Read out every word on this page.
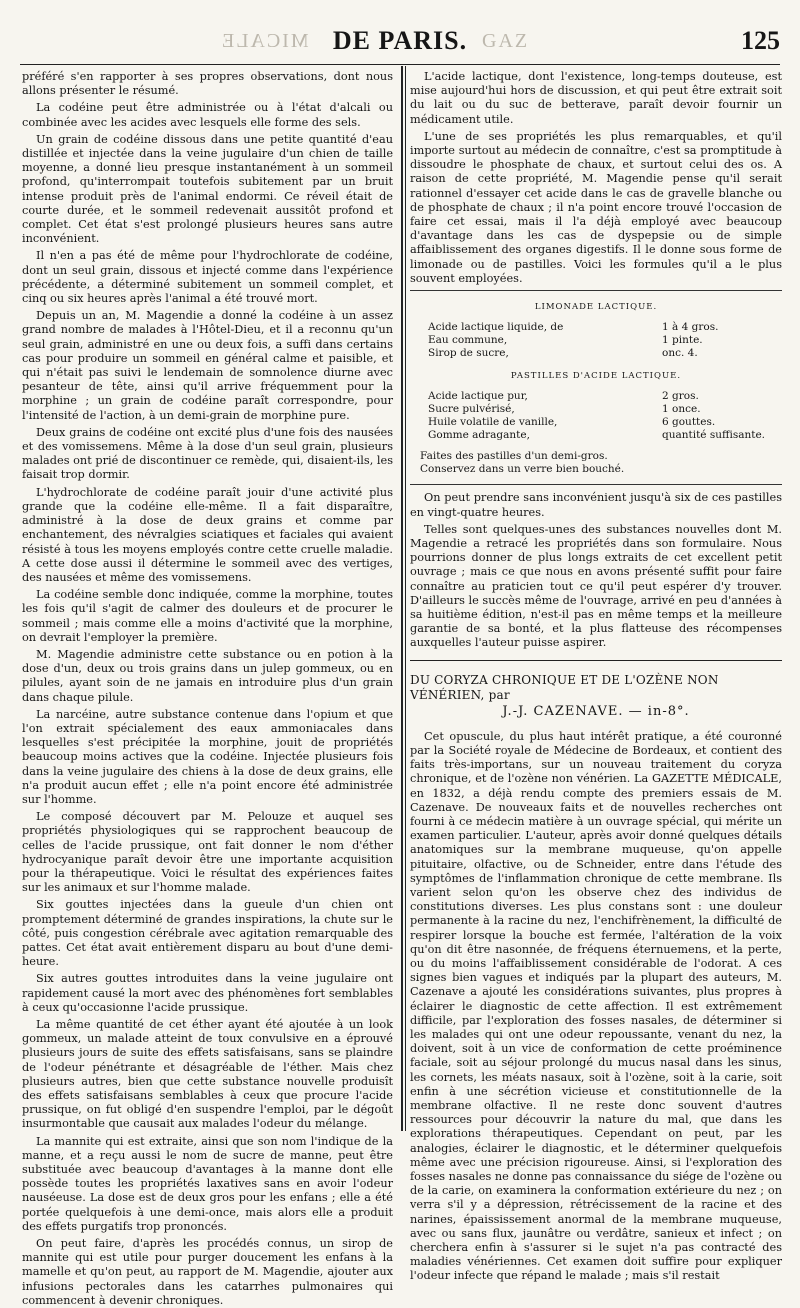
MICALE	GAZ
DE PARIS.	125

préféré s'en rapporter à ses propres observations, dont nous allons présenter le résumé.

La codéine peut être administrée ou à l'état d'alcali ou combinée avec les acides avec lesquels elle forme des sels.

Un grain de codéine dissous dans une petite quantité d'eau distillée et injectée dans la veine jugulaire d'un chien de taille moyenne, a donné lieu presque instantanément à un sommeil profond, qu'interrompait toutefois subitement par un bruit intense produit près de l'animal endormi. Ce réveil était de courte durée, et le sommeil redevenait aussitôt profond et complet. Cet état s'est prolongé plusieurs heures sans autre inconvénient.

Il n'en a pas été de même pour l'hydrochlorate de codéine, dont un seul grain, dissous et injecté comme dans l'expérience précédente, a déterminé subitement un sommeil complet, et cinq ou six heures après l'animal a été trouvé mort.

Depuis un an, M. Magendie a donné la codéine à un assez grand nombre de malades à l'Hôtel-Dieu, et il a reconnu qu'un seul grain, administré en une ou deux fois, a suffi dans certains cas pour produire un sommeil en général calme et paisible, et qui n'était pas suivi le lendemain de somnolence diurne avec pesanteur de tête, ainsi qu'il arrive fréquemment pour la morphine ; un grain de codéine paraît correspondre, pour l'intensité de l'action, à un demi-grain de morphine pure.

Deux grains de codéine ont excité plus d'une fois des nausées et des vomissemens. Même à la dose d'un seul grain, plusieurs malades ont prié de discontinuer ce remède, qui, disaient-ils, les faisait trop dormir.

L'hydrochlorate de codéine paraît jouir d'une activité plus grande que la codéine elle-même. Il a fait disparaître, administré à la dose de deux grains et comme par enchantement, des névralgies sciatiques et faciales qui avaient résisté à tous les moyens employés contre cette cruelle maladie. A cette dose aussi il détermine le sommeil avec des vertiges, des nausées et même des vomissemens.

La codéine semble donc indiquée, comme la morphine, toutes les fois qu'il s'agit de calmer des douleurs et de procurer le sommeil ; mais comme elle a moins d'activité que la morphine, on devrait l'employer la première.

M. Magendie administre cette substance ou en potion à la dose d'un, deux ou trois grains dans un julep gommeux, ou en pilules, ayant soin de ne jamais en introduire plus d'un grain dans chaque pilule.

La narcéine, autre substance contenue dans l'opium et que l'on extrait spécialement des eaux ammoniacales dans lesquelles s'est précipitée la morphine, jouit de propriétés beaucoup moins actives que la codéine. Injectée plusieurs fois dans la veine jugulaire des chiens à la dose de deux grains, elle n'a produit aucun effet ; elle n'a point encore été administrée sur l'homme.

Le composé découvert par M. Pelouze et auquel ses propriétés physiologiques qui se rapprochent beaucoup de celles de l'acide prussique, ont fait donner le nom d'éther hydrocyanique paraît devoir être une importante acquisition pour la thérapeutique. Voici le résultat des expériences faites sur les animaux et sur l'homme malade.

Six gouttes injectées dans la gueule d'un chien ont promptement déterminé de grandes inspirations, la chute sur le côté, puis congestion cérébrale avec agitation remarquable des pattes. Cet état avait entièrement disparu au bout d'une demi-heure.

Six autres gouttes introduites dans la veine jugulaire ont rapidement causé la mort avec des phénomènes fort semblables à ceux qu'occasionne l'acide prussique.

La même quantité de cet éther ayant été ajoutée à un look gommeux, un malade atteint de toux convulsive en a éprouvé plusieurs jours de suite des effets satisfaisans, sans se plaindre de l'odeur pénétrante et désagréable de l'éther. Mais chez plusieurs autres, bien que cette substance nouvelle produisît des effets satisfaisans semblables à ceux que procure l'acide prussique, on fut obligé d'en suspendre l'emploi, par le dégoût insurmontable que causait aux malades l'odeur du mélange.

La mannite qui est extraite, ainsi que son nom l'indique de la manne, et a reçu aussi le nom de sucre de manne, peut être substituée avec beaucoup d'avantages à la manne dont elle possède toutes les propriétés laxatives sans en avoir l'odeur nauséeuse. La dose est de deux gros pour les enfans ; elle a été portée quelquefois à une demi-once, mais alors elle a produit des effets purgatifs trop prononcés.

On peut faire, d'après les procédés connus, un sirop de mannite qui est utile pour purger doucement les enfans à la mamelle et qu'on peut, au rapport de M. Magendie, ajouter aux infusions pectorales dans les catarrhes pulmonaires qui commencent à devenir chroniques.

L'acide lactique, dont l'existence, long-temps douteuse, est mise aujourd'hui hors de discussion, et qui peut être extrait soit du lait ou du suc de betterave, paraît devoir fournir un médicament utile.

L'une de ses propriétés les plus remarquables, et qu'il importe surtout au médecin de connaître, c'est sa promptitude à dissoudre le phosphate de chaux, et surtout celui des os. A raison de cette propriété, M. Magendie pense qu'il serait rationnel d'essayer cet acide dans le cas de gravelle blanche ou de phosphate de chaux ; il n'a point encore trouvé l'occasion de faire cet essai, mais il l'a déjà employé avec beaucoup d'avantage dans les cas de dyspepsie ou de simple affaiblissement des organes digestifs. Il le donne sous forme de limonade ou de pastilles. Voici les formules qu'il a le plus souvent employées.

LIMONADE LACTIQUE.
Acide lactique liquide, de	1 à 4 gros.
Eau commune,	1 pinte.
Sirop de sucre,	onc. 4.
PASTILLES D'ACIDE LACTIQUE.
Acide lactique pur,	2 gros.
Sucre pulvérisé,	1 once.
Huile volatile de vanille,	6 gouttes.
Gomme adragante,	quantité suffisante.
Faites des pastilles d'un demi-gros.
Conservez dans un verre bien bouché.

On peut prendre sans inconvénient jusqu'à six de ces pastilles en vingt-quatre heures.

Telles sont quelques-unes des substances nouvelles dont M. Magendie a retracé les propriétés dans son formulaire. Nous pourrions donner de plus longs extraits de cet excellent petit ouvrage ; mais ce que nous en avons présenté suffit pour faire connaître au praticien tout ce qu'il peut espérer d'y trouver. D'ailleurs le succès même de l'ouvrage, arrivé en peu d'années à sa huitième édition, n'est-il pas en même temps et la meilleure garantie de sa bonté, et la plus flatteuse des récompenses auxquelles l'auteur puisse aspirer.

DU CORYZA CHRONIQUE ET DE L'OZÈNE NON VÉNÉRIEN, par
J.-J. CAZENAVE. — in-8°.

Cet opuscule, du plus haut intérêt pratique, a été couronné par la Société royale de Médecine de Bordeaux, et contient des faits très-importans, sur un nouveau traitement du coryza chronique, et de l'ozène non vénérien. La GAZETTE MÉDICALE, en 1832, a déjà rendu compte des premiers essais de M. Cazenave. De nouveaux faits et de nouvelles recherches ont fourni à ce médecin matière à un ouvrage spécial, qui mérite un examen particulier. L'auteur, après avoir donné quelques détails anatomiques sur la membrane muqueuse, qu'on appelle pituitaire, olfactive, ou de Schneider, entre dans l'étude des symptômes de l'inflammation chronique de cette membrane. Ils varient selon qu'on les observe chez des individus de constitutions diverses. Les plus constans sont : une douleur permanente à la racine du nez, l'enchifrènement, la difficulté de respirer lorsque la bouche est fermée, l'altération de la voix qu'on dit être nasonnée, de fréquens éternuemens, et la perte, ou du moins l'affaiblissement considérable de l'odorat. A ces signes bien vagues et indiqués par la plupart des auteurs, M. Cazenave a ajouté les considérations suivantes, plus propres à éclairer le diagnostic de cette affection. Il est extrêmement difficile, par l'exploration des fosses nasales, de déterminer si les malades qui ont une odeur repoussante, venant du nez, la doivent, soit à un vice de conformation de cette proéminence faciale, soit au séjour prolongé du mucus nasal dans les sinus, les cornets, les méats nasaux, soit à l'ozène, soit à la carie, soit enfin à une sécrétion vicieuse et constitutionnelle de la membrane olfactive. Il ne reste donc souvent d'autres ressources pour découvrir la nature du mal, que dans les explorations thérapeutiques. Cependant on peut, par les analogies, éclairer le diagnostic, et le déterminer quelquefois même avec une précision rigoureuse. Ainsi, si l'exploration des fosses nasales ne donne pas connaissance du siége de l'ozène ou de la carie, on examinera la conformation extérieure du nez ; on verra s'il y a dépression, rétrécissement de la racine et des narines, épaississement anormal de la membrane muqueuse, avec ou sans flux, jaunâtre ou verdâtre, sanieux et infect ; on cherchera enfin à s'assurer si le sujet n'a pas contracté des maladies vénériennes. Cet examen doit suffire pour expliquer l'odeur infecte que répand le malade ; mais s'il restait
